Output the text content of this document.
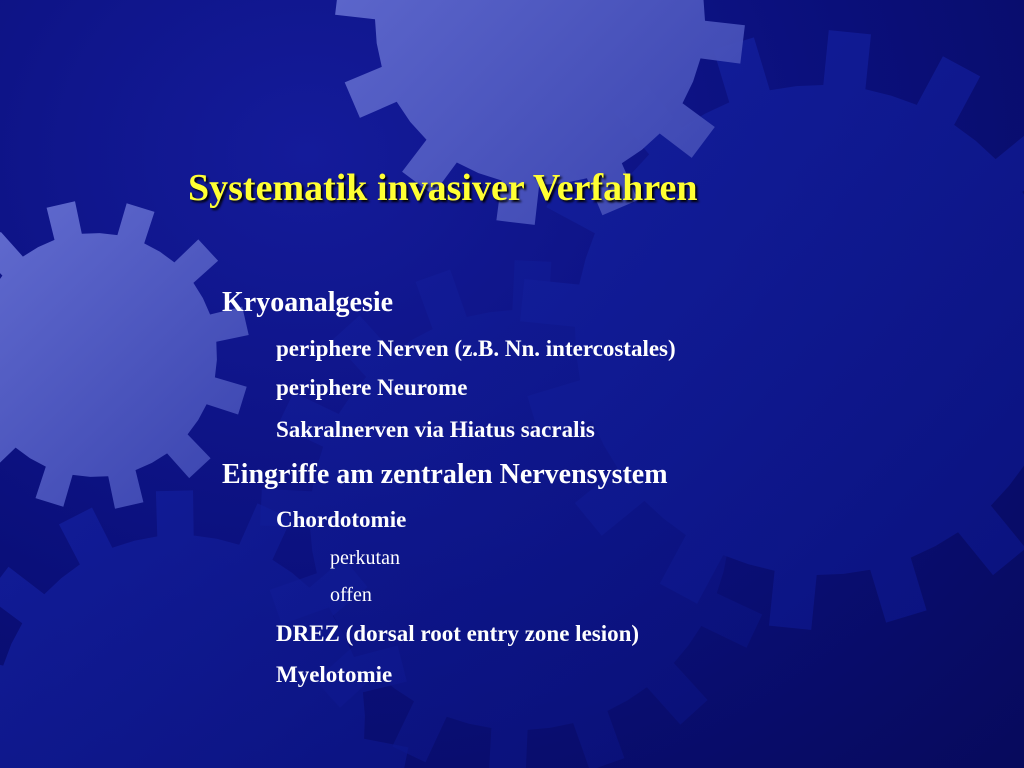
Systematik invasiver Verfahren
Kryoanalgesie
periphere Nerven (z.B. Nn. intercostales)
periphere Neurome
Sakralnerven via Hiatus sacralis
Eingriffe am zentralen Nervensystem
Chordotomie
perkutan
offen
DREZ (dorsal root entry zone lesion)
Myelotomie
